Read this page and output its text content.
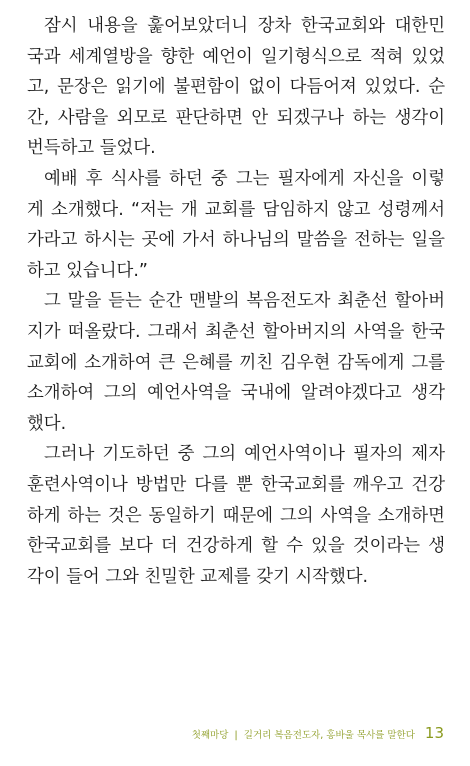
잠시 내용을 훑어보았더니 장차 한국교회와 대한민
국과 세계열방을 향한 예언이 일기형식으로 적혀 있었
고, 문장은 읽기에 불편함이 없이 다듬어져 있었다. 순
간, 사람을 외모로 판단하면 안 되겠구나 하는 생각이
번득하고 들었다.
예배 후 식사를 하던 중 그는 필자에게 자신을 이렇
게 소개했다. “저는 개 교회를 담임하지 않고 성령께서
가라고 하시는 곳에 가서 하나님의 말씀을 전하는 일을
하고 있습니다.”
그 말을 듣는 순간 맨발의 복음전도자 최춘선 할아버
지가 떠올랐다. 그래서 최춘선 할아버지의 사역을 한국
교회에 소개하여 큰 은혜를 끼친 김우현 감독에게 그를
소개하여 그의 예언사역을 국내에 알려야겠다고 생각
했다.
그러나 기도하던 중 그의 예언사역이나 필자의 제자
훈련사역이나 방법만 다를 뿐 한국교회를 깨우고 건강
하게 하는 것은 동일하기 때문에 그의 사역을 소개하면
한국교회를 보다 더 건강하게 할 수 있을 것이라는 생
각이 들어 그와 친밀한 교제를 갖기 시작했다.
첫째마당 | 길거리 복음전도자, 홍바울 목사를 말한다 13
